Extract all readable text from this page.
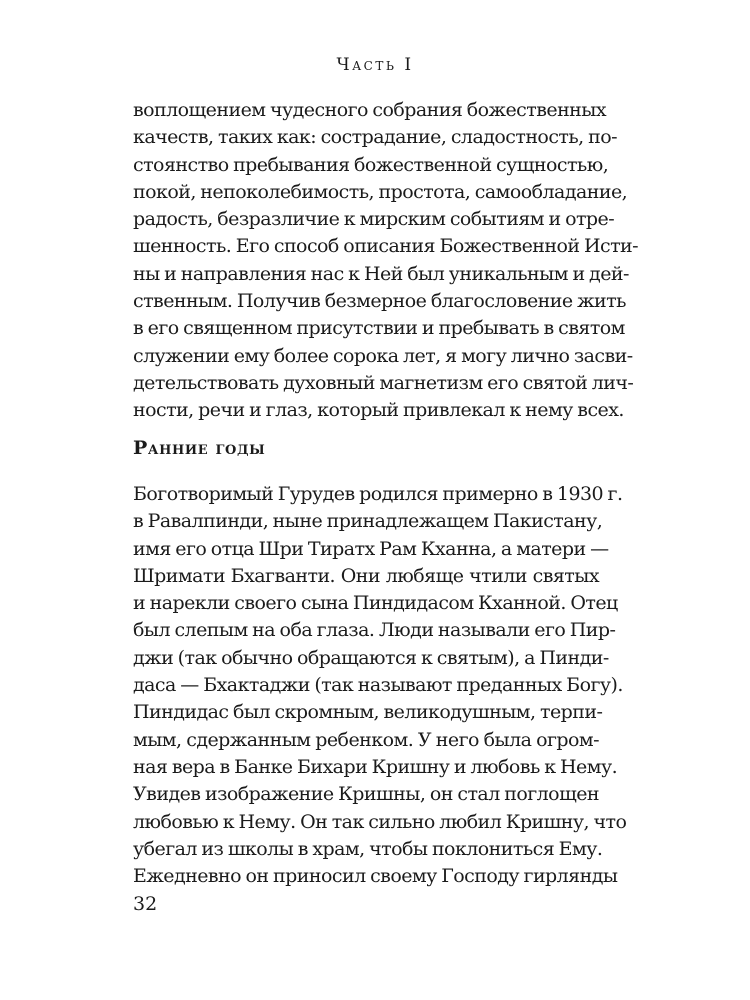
Часть I
воплощением чудесного собрания божественных
качеств, таких как: сострадание, сладостность, по-
стоянство пребывания божественной сущностью,
покой, непоколебимость, простота, самообладание,
радость, безразличие к мирским событиям и отре-
шенность. Его способ описания Божественной Исти-
ны и направления нас к Ней был уникальным и дей-
ственным. Получив безмерное благословение жить
в его священном присутствии и пребывать в святом
служении ему более сорока лет, я могу лично засви-
детельствовать духовный магнетизм его святой лич-
ности, речи и глаз, который привлекал к нему всех.
Ранние годы
Боготворимый Гурудев родился примерно в 1930 г.
в Равалпинди, ныне принадлежащем Пакистану,
имя его отца Шри Тиратх Рам Кханна, а матери —
Шримати Бхагванти. Они любяще чтили святых
и нарекли своего сына Пиндидасом Кханной. Отец
был слепым на оба глаза. Люди называли его Пир-
джи (так обычно обращаются к святым), а Пинди-
даса — Бхактаджи (так называют преданных Богу).
Пиндидас был скромным, великодушным, терпи-
мым, сдержанным ребенком. У него была огром-
ная вера в Банке Бихари Кришну и любовь к Нему.
Увидев изображение Кришны, он стал поглощен
любовью к Нему. Он так сильно любил Кришну, что
убегал из школы в храм, чтобы поклониться Ему.
Ежедневно он приносил своему Господу гирлянды
32
